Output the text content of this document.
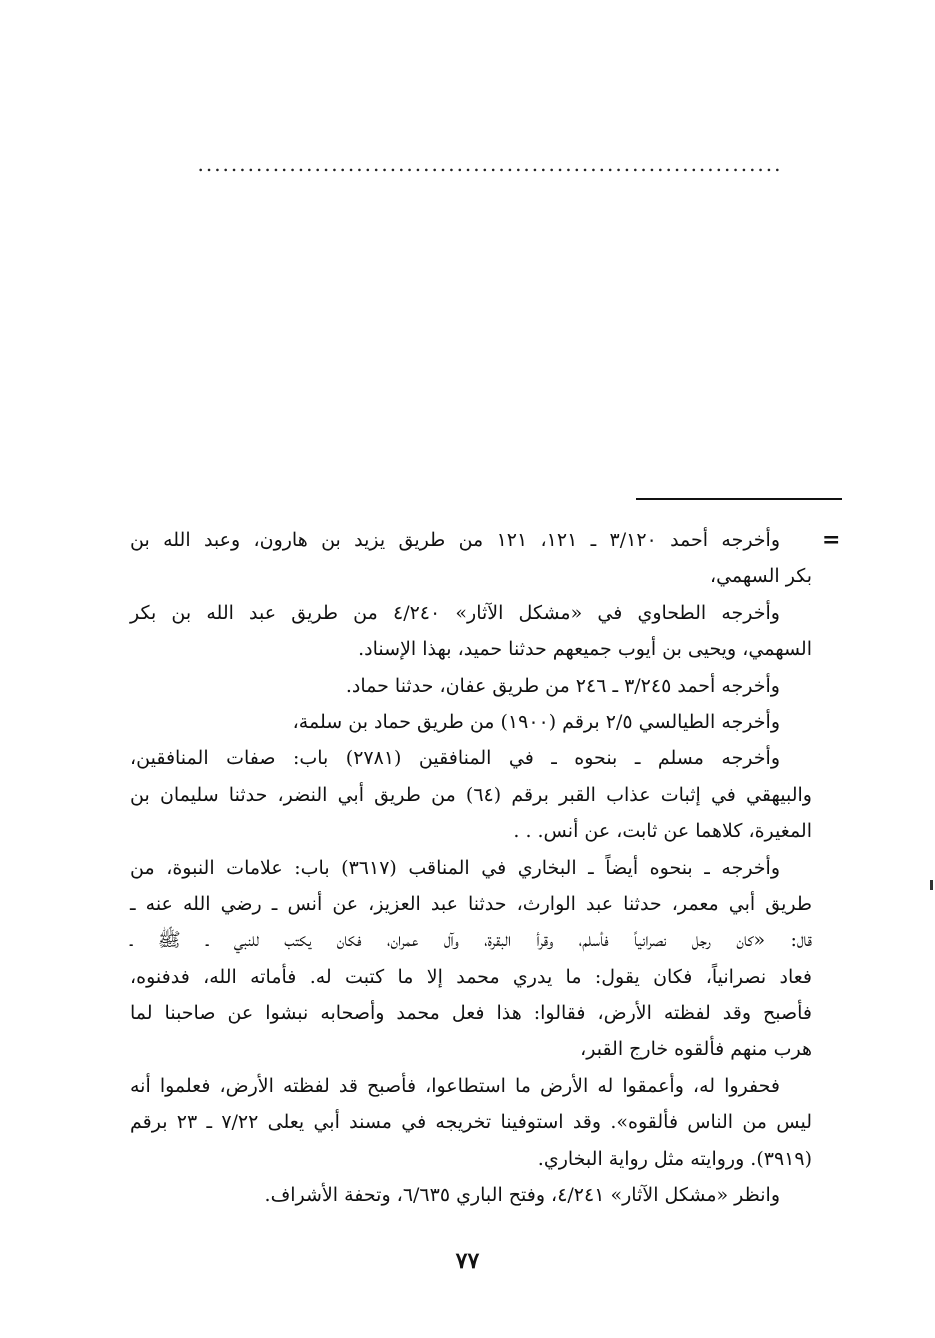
......................................................................
=
وأخرجه أحمد ٣/١٢٠ ـ ١٢١، ١٢١ من طريق يزيد بن هارون، وعبد الله بن
بكر السهمي،
وأخرجه الطحاوي في «مشكل الآثار» ٤/٢٤٠ من طريق عبد الله بن بكر
السهمي، ويحيى بن أيوب جميعهم حدثنا حميد، بهذا الإسناد.
وأخرجه أحمد ٣/٢٤٥ ـ ٢٤٦ من طريق عفان، حدثنا حماد.
وأخرجه الطيالسي ٢/٥ برقم (١٩٠٠) من طريق حماد بن سلمة،
وأخرجه مسلم ـ بنحوه ـ في المنافقين (٢٧٨١) باب: صفات المنافقين،
والبيهقي في إثبات عذاب القبر برقم (٦٤) من طريق أبي النضر، حدثنا سليمان بن
المغيرة، كلاهما عن ثابت، عن أنس. . .
وأخرجه ـ بنحوه أيضاً ـ البخاري في المناقب (٣٦١٧) باب: علامات النبوة، من
طريق أبي معمر، حدثنا عبد الوارث، حدثنا عبد العزيز، عن أنس ـ رضي الله عنه ـ
قال: «كان رجل نصرانياً فأسلم، وقرأ البقرة، وآل عمران، فكان يكتب للنبي ـ ﷺ ـ
فعاد نصرانياً، فكان يقول: ما يدري محمد إلا ما كتبت له. فأماته الله، فدفنوه،
فأصبح وقد لفظته الأرض، فقالوا: هذا فعل محمد وأصحابه نبشوا عن صاحبنا لما
هرب منهم فألقوه خارج القبر،
فحفروا له، وأعمقوا له الأرض ما استطاعوا، فأصبح قد لفظته الأرض، فعلموا أنه
ليس من الناس فألقوه». وقد استوفينا تخريجه في مسند أبي يعلى ٧/٢٢ ـ ٢٣ برقم
(٣٩١٩). وروايته مثل رواية البخاري.
وانظر «مشكل الآثار» ٤/٢٤١، وفتح الباري ٦/٦٣٥، وتحفة الأشراف.
٧٧
